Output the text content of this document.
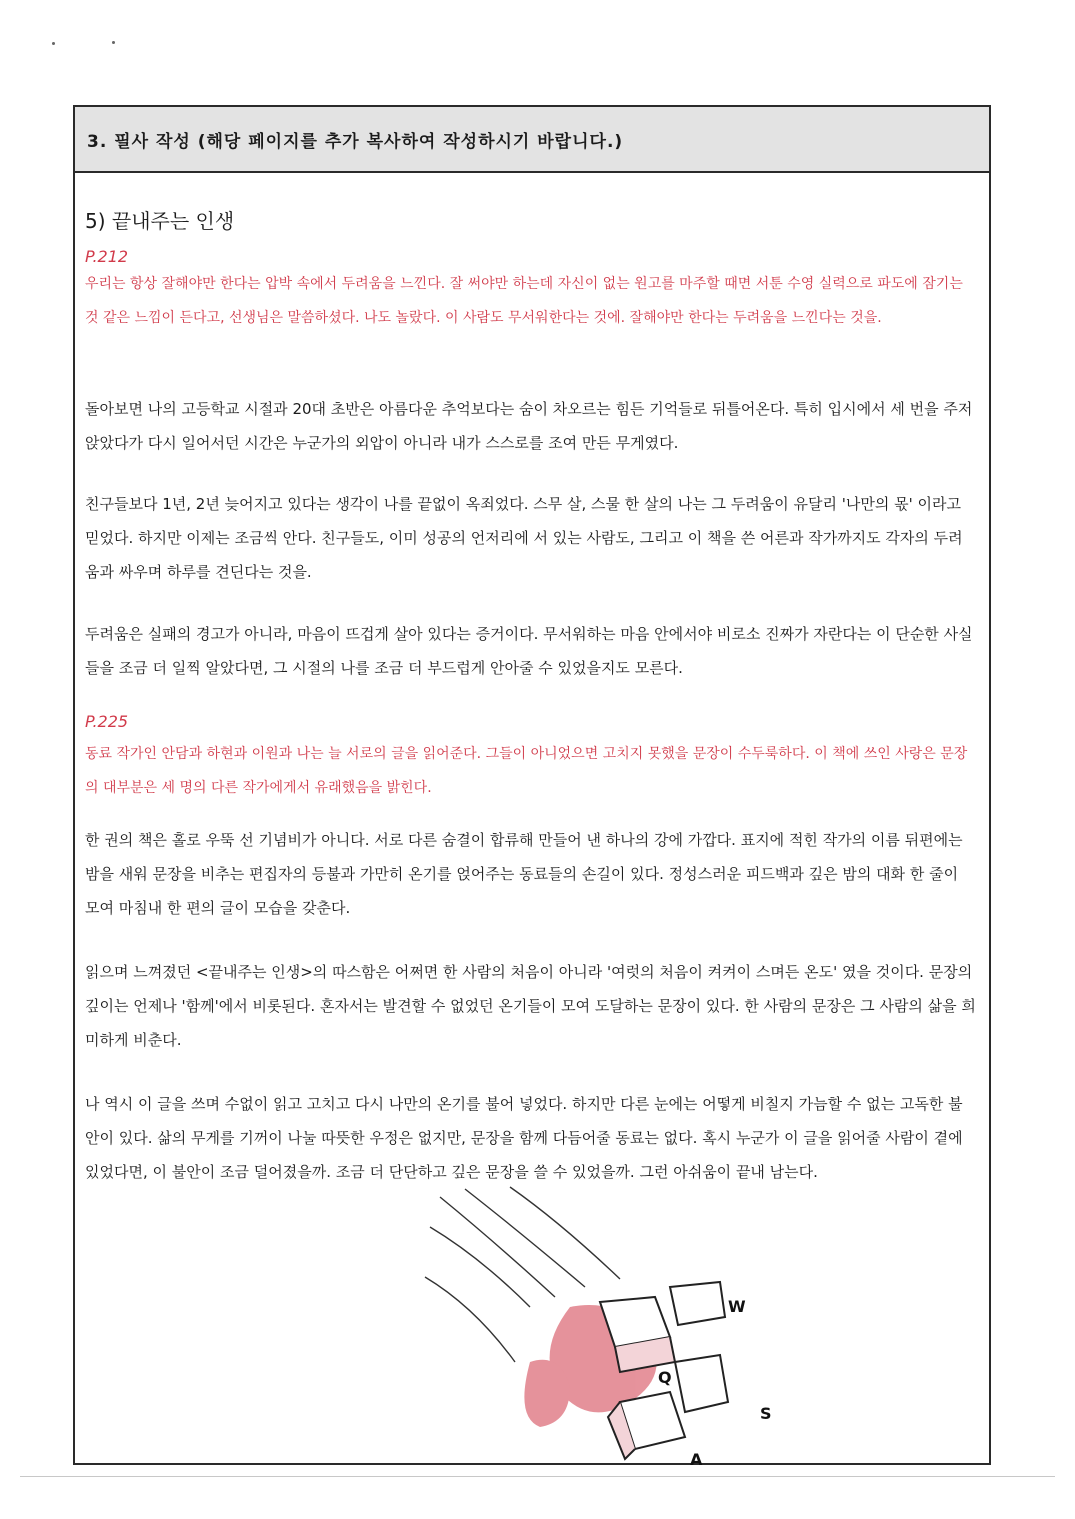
3. 필사 작성 (해당 페이지를 추가 복사하여 작성하시기 바랍니다.)
5) 끝내주는 인생
P.212
우리는 항상 잘해야만 한다는 압박 속에서 두려움을 느낀다. 잘 써야만 하는데 자신이 없는 원고를 마주할 때면 서툰 수영 실력으로 파도에 잠기는 것 같은 느낌이 든다고, 선생님은 말씀하셨다. 나도 놀랐다. 이 사람도 무서워한다는 것에. 잘해야만 한다는 두려움을 느낀다는 것을.
돌아보면 나의 고등학교 시절과 20대 초반은 아름다운 추억보다는 숨이 차오르는 힘든 기억들로 뒤틀어온다. 특히 입시에서 세 번을 주저앉았다가 다시 일어서던 시간은 누군가의 외압이 아니라 내가 스스로를 조여 만든 무게였다.
친구들보다 1년, 2년 늦어지고 있다는 생각이 나를 끝없이 옥죄었다. 스무 살, 스물 한 살의 나는 그 두려움이 유달리 '나만의 몫' 이라고 믿었다. 하지만 이제는 조금씩 안다. 친구들도, 이미 성공의 언저리에 서 있는 사람도, 그리고 이 책을 쓴 어른과 작가까지도 각자의 두려움과 싸우며 하루를 견딘다는 것을.
두려움은 실패의 경고가 아니라, 마음이 뜨겁게 살아 있다는 증거이다. 무서워하는 마음 안에서야 비로소 진짜가 자란다는 이 단순한 사실들을 조금 더 일찍 알았다면, 그 시절의 나를 조금 더 부드럽게 안아줄 수 있었을지도 모른다.
P.225
동료 작가인 안담과 하현과 이원과 나는 늘 서로의 글을 읽어준다. 그들이 아니었으면 고치지 못했을 문장이 수두룩하다. 이 책에 쓰인 사랑은 문장의 대부분은 세 명의 다른 작가에게서 유래했음을 밝힌다.
한 권의 책은 홀로 우뚝 선 기념비가 아니다. 서로 다른 숨결이 합류해 만들어 낸 하나의 강에 가깝다. 표지에 적힌 작가의 이름 뒤편에는 밤을 새워 문장을 비추는 편집자의 등불과 가만히 온기를 얹어주는 동료들의 손길이 있다. 정성스러운 피드백과 깊은 밤의 대화 한 줄이 모여 마침내 한 편의 글이 모습을 갖춘다.
읽으며 느껴졌던 <끝내주는 인생>의 따스함은 어쩌면 한 사람의 처음이 아니라 '여럿의 처음이 켜켜이 스며든 온도' 였을 것이다. 문장의 깊이는 언제나 '함께'에서 비롯된다. 혼자서는 발견할 수 없었던 온기들이 모여 도달하는 문장이 있다. 한 사람의 문장은 그 사람의 삶을 희미하게 비춘다.
나 역시 이 글을 쓰며 수없이 읽고 고치고 다시 나만의 온기를 불어 넣었다. 하지만 다른 눈에는 어떻게 비칠지 가늠할 수 없는 고독한 불안이 있다. 삶의 무게를 기꺼이 나눌 따뜻한 우정은 없지만, 문장을 함께 다듬어줄 동료는 없다. 혹시 누군가 이 글을 읽어줄 사람이 곁에 있었다면, 이 불안이 조금 덜어졌을까. 조금 더 단단하고 깊은 문장을 쓸 수 있었을까. 그런 아쉬움이 끝내 남는다.
Q
W
A
S
